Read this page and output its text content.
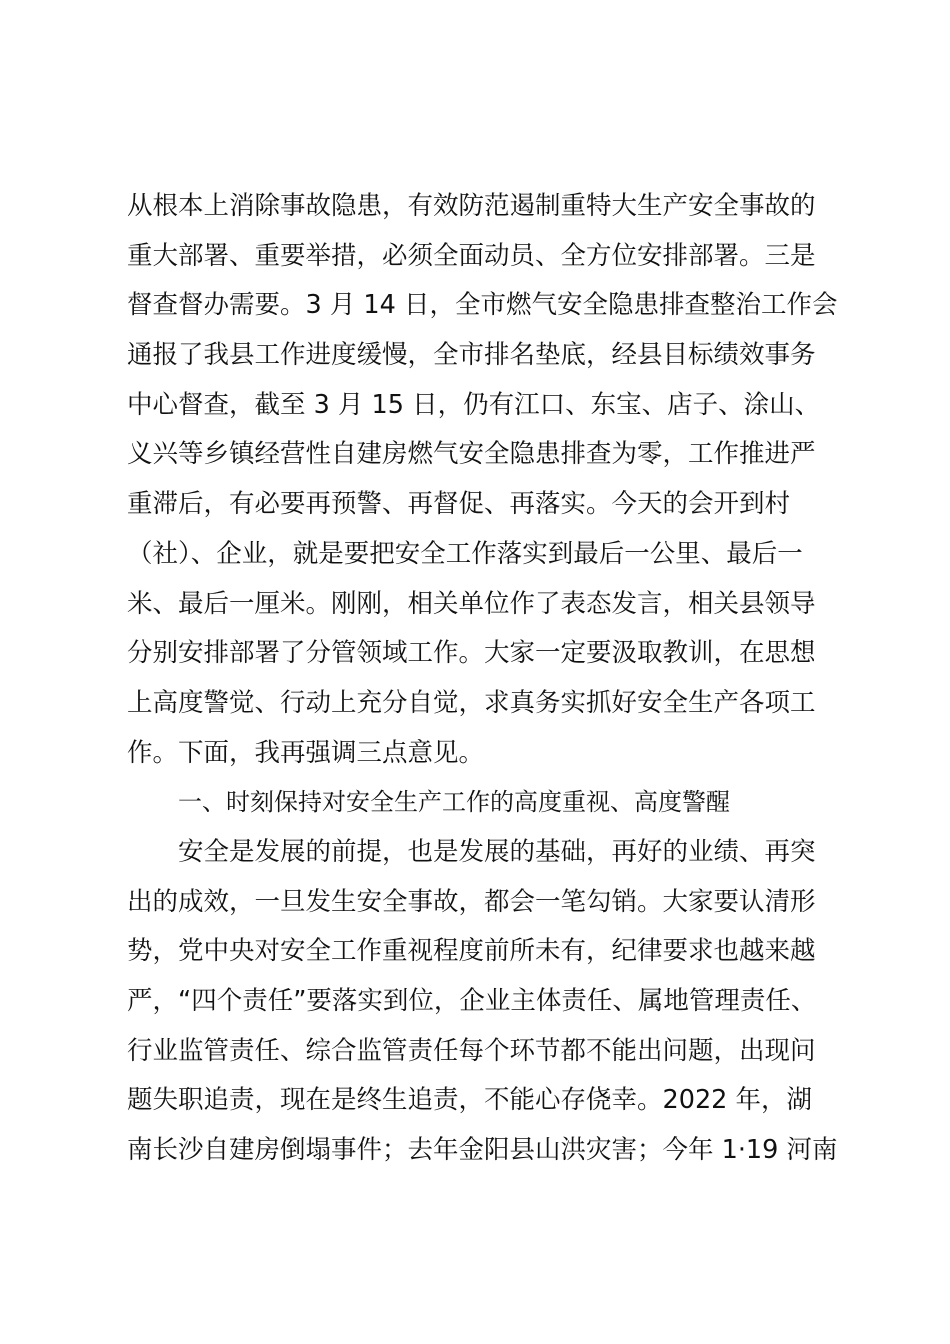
从根本上消除事故隐患，有效防范遏制重特大生产安全事故的
重大部署、重要举措，必须全面动员、全方位安排部署。三是
督查督办需要。3 月 14 日，全市燃气安全隐患排查整治工作会
通报了我县工作进度缓慢，全市排名垫底，经县目标绩效事务
中心督查，截至 3 月 15 日，仍有江口、东宝、店子、涂山、
义兴等乡镇经营性自建房燃气安全隐患排查为零，工作推进严
重滞后，有必要再预警、再督促、再落实。今天的会开到村
（社）、企业，就是要把安全工作落实到最后一公里、最后一
米、最后一厘米。刚刚，相关单位作了表态发言，相关县领导
分别安排部署了分管领域工作。大家一定要汲取教训，在思想
上高度警觉、行动上充分自觉，求真务实抓好安全生产各项工
作。下面，我再强调三点意见。
一、时刻保持对安全生产工作的高度重视、高度警醒
安全是发展的前提，也是发展的基础，再好的业绩、再突
出的成效，一旦发生安全事故，都会一笔勾销。大家要认清形
势，党中央对安全工作重视程度前所未有，纪律要求也越来越
严，“四个责任”要落实到位，企业主体责任、属地管理责任、
行业监管责任、综合监管责任每个环节都不能出问题，出现问
题失职追责，现在是终生追责，不能心存侥幸。2022 年，湖
南长沙自建房倒塌事件；去年金阳县山洪灾害；今年 1·19 河南
